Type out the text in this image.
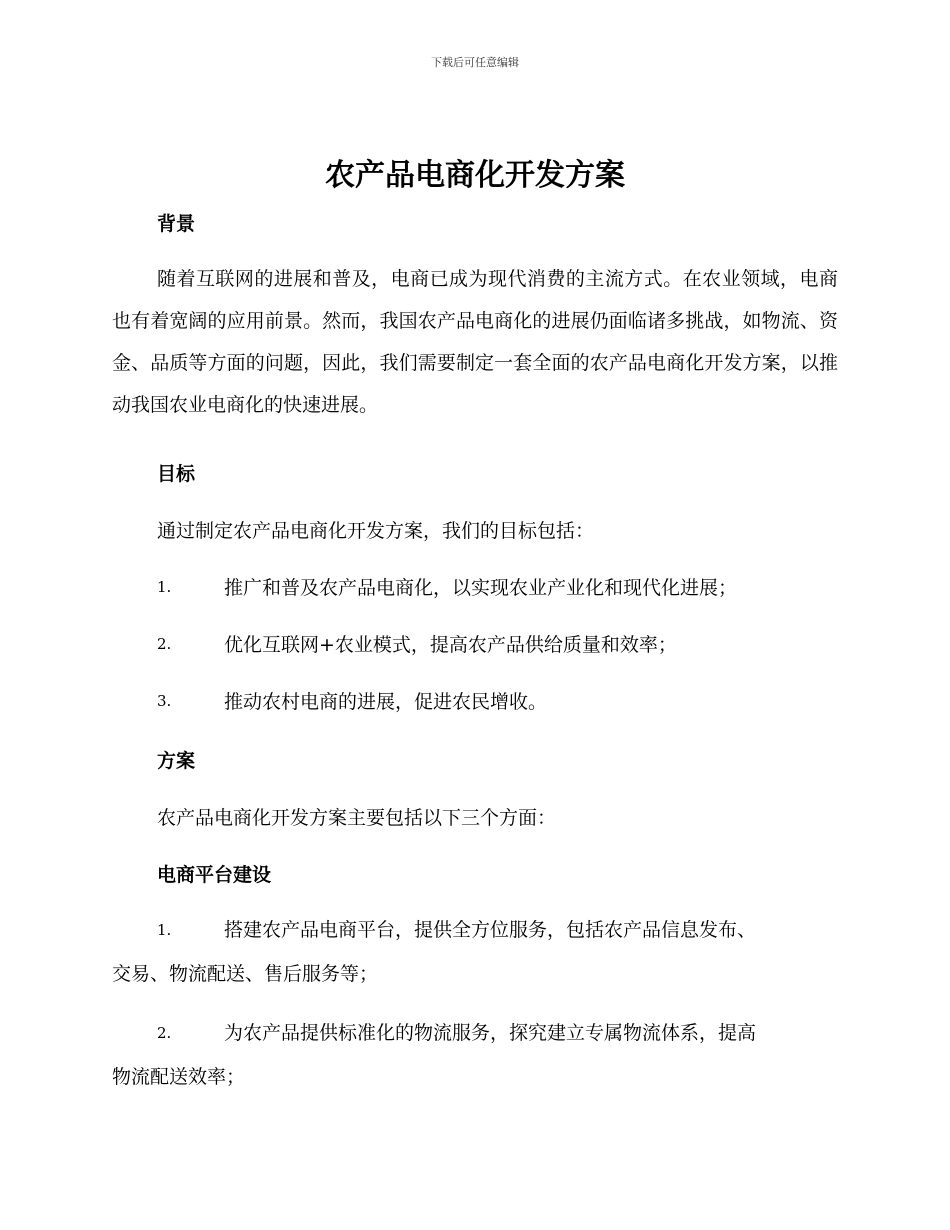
下载后可任意编辑
农产品电商化开发方案
背景
随着互联网的进展和普及，电商已成为现代消费的主流方式。在农业领域，电商也有着宽阔的应用前景。然而，我国农产品电商化的进展仍面临诸多挑战，如物流、资金、品质等方面的问题，因此，我们需要制定一套全面的农产品电商化开发方案，以推动我国农业电商化的快速进展。
目标
通过制定农产品电商化开发方案，我们的目标包括：
1.	推广和普及农产品电商化，以实现农业产业化和现代化进展；
2.	优化互联网+农业模式，提高农产品供给质量和效率；
3.	推动农村电商的进展，促进农民增收。
方案
农产品电商化开发方案主要包括以下三个方面：
电商平台建设
1.	搭建农产品电商平台，提供全方位服务，包括农产品信息发布、
交易、物流配送、售后服务等；
2.	为农产品提供标准化的物流服务，探究建立专属物流体系，提高
物流配送效率；
